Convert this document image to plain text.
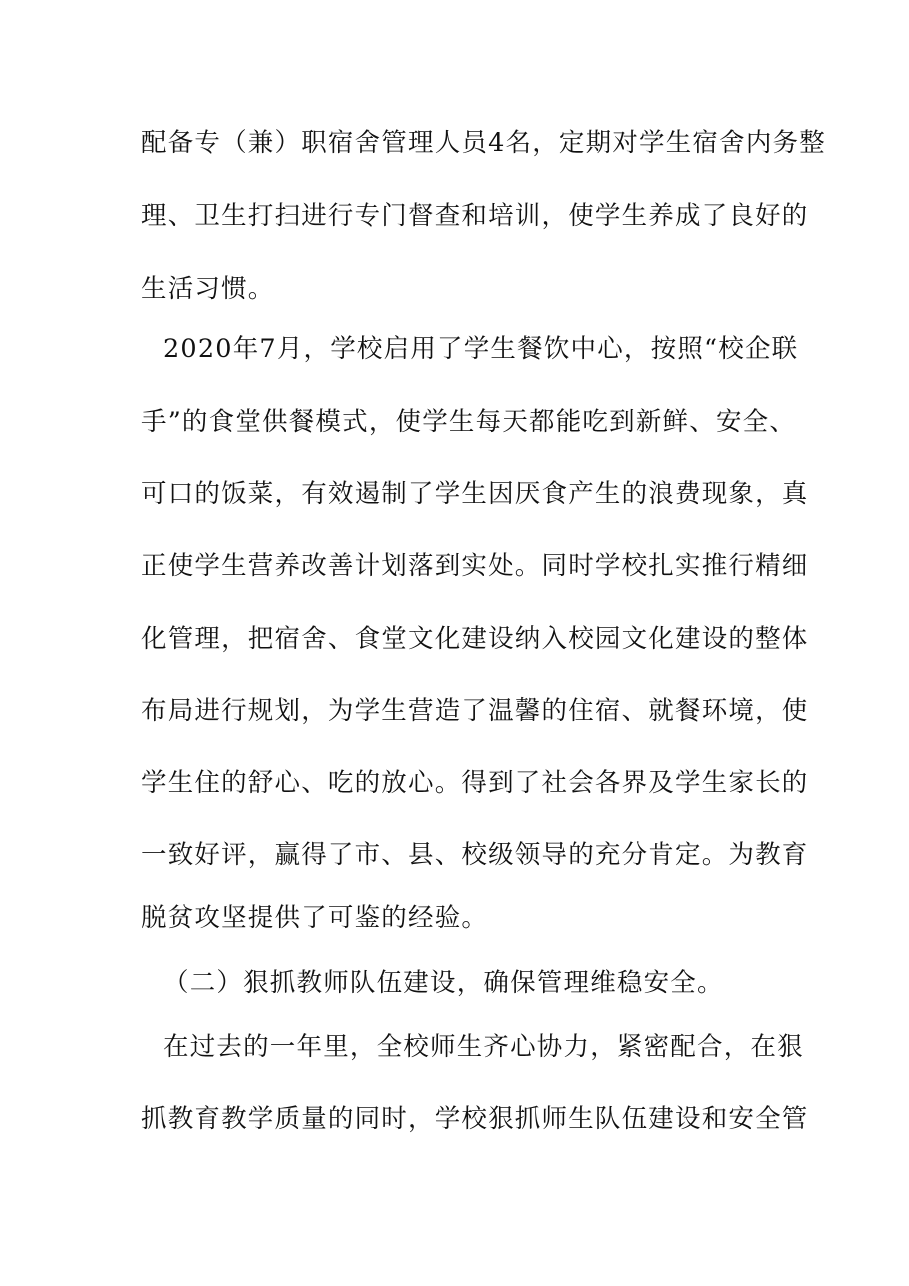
配备专（兼）职宿舍管理人员4名，定期对学生宿舍内务整
理、卫生打扫进行专门督查和培训，使学生养成了良好的
生活习惯。
2020年7月，学校启用了学生餐饮中心，按照“校企联
手”的食堂供餐模式，使学生每天都能吃到新鲜、安全、
可口的饭菜，有效遏制了学生因厌食产生的浪费现象，真
正使学生营养改善计划落到实处。同时学校扎实推行精细
化管理，把宿舍、食堂文化建设纳入校园文化建设的整体
布局进行规划，为学生营造了温馨的住宿、就餐环境，使
学生住的舒心、吃的放心。得到了社会各界及学生家长的
一致好评，赢得了市、县、校级领导的充分肯定。为教育
脱贫攻坚提供了可鉴的经验。
（二）狠抓教师队伍建设，确保管理维稳安全。
在过去的一年里，全校师生齐心协力，紧密配合，在狠
抓教育教学质量的同时，学校狠抓师生队伍建设和安全管
